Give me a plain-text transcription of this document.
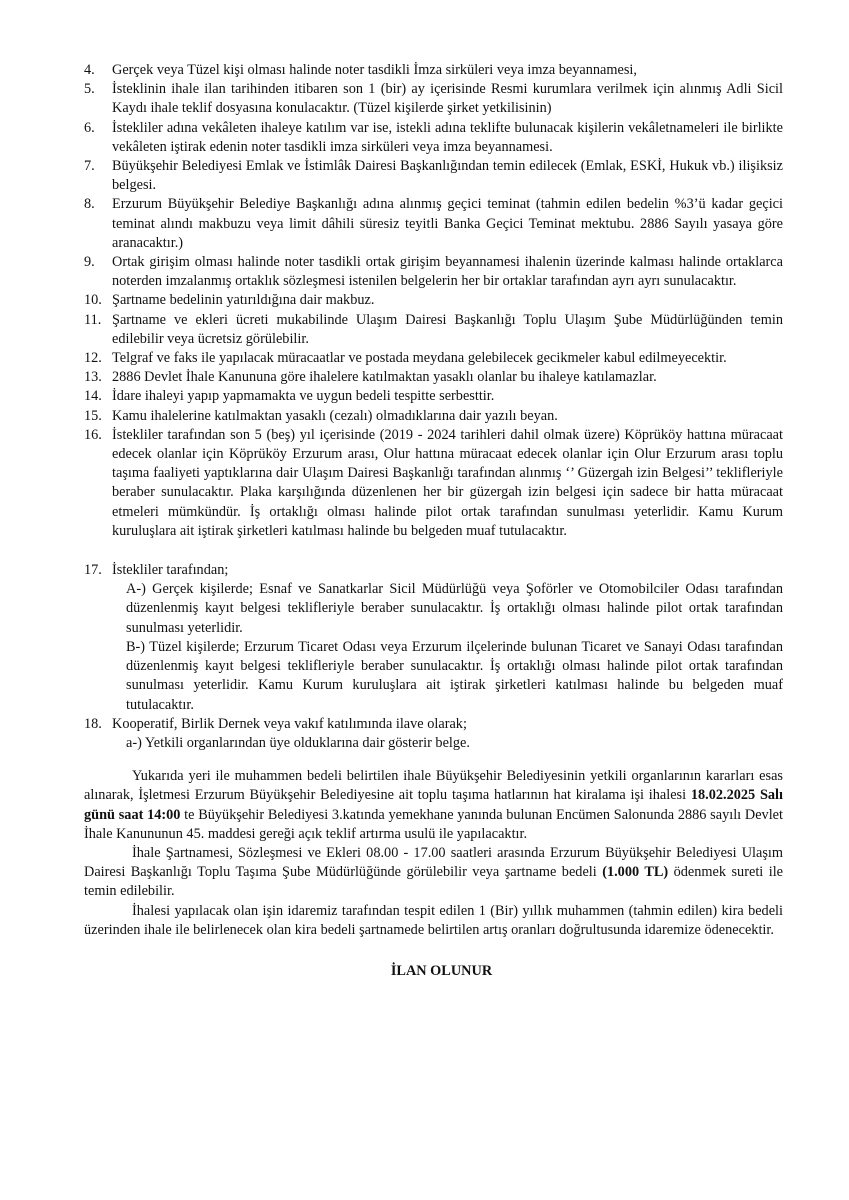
4. Gerçek veya Tüzel kişi olması halinde noter tasdikli İmza sirküleri veya imza beyannamesi,
5. İsteklinin ihale ilan tarihinden itibaren son 1 (bir) ay içerisinde Resmi kurumlara verilmek için alınmış Adli Sicil Kaydı ihale teklif dosyasına konulacaktır. (Tüzel kişilerde şirket yetkilisinin)
6. İstekliler adına vekâleten ihaleye katılım var ise, istekli adına teklifte bulunacak kişilerin vekâletnameleri ile birlikte vekâleten iştirak edenin noter tasdikli imza sirküleri veya imza beyannamesi.
7. Büyükşehir Belediyesi Emlak ve İstimlâk Dairesi Başkanlığından temin edilecek (Emlak, ESKİ, Hukuk vb.) ilişiksiz belgesi.
8. Erzurum Büyükşehir Belediye Başkanlığı adına alınmış geçici teminat (tahmin edilen bedelin %3’ü kadar geçici teminat alındı makbuzu veya limit dâhili süresiz teyitli Banka Geçici Teminat mektubu. 2886 Sayılı yasaya göre aranacaktır.)
9. Ortak girişim olması halinde noter tasdikli ortak girişim beyannamesi ihalenin üzerinde kalması halinde ortaklarca noterden imzalanmış ortaklık sözleşmesi istenilen belgelerin her bir ortaklar tarafından ayrı ayrı sunulacaktır.
10. Şartname bedelinin yatırıldığına dair makbuz.
11. Şartname ve ekleri ücreti mukabilinde Ulaşım Dairesi Başkanlığı Toplu Ulaşım Şube Müdürlüğünden temin edilebilir veya ücretsiz görülebilir.
12. Telgraf ve faks ile yapılacak müracaatlar ve postada meydana gelebilecek gecikmeler kabul edilmeyecektir.
13. 2886 Devlet İhale Kanununa göre ihalelere katılmaktan yasaklı olanlar bu ihaleye katılamazlar.
14. İdare ihaleyi yapıp yapmamakta ve uygun bedeli tespitte serbesttir.
15. Kamu ihalelerine katılmaktan yasaklı (cezalı) olmadıklarına dair yazılı beyan.
16. İstekliler tarafından son 5 (beş) yıl içerisinde (2019 - 2024 tarihleri dahil olmak üzere) Köprüköy hattına müracaat edecek olanlar için Köprüköy Erzurum arası, Olur hattına müracaat edecek olanlar için Olur Erzurum arası toplu taşıma faaliyeti yaptıklarına dair Ulaşım Dairesi Başkanlığı tarafından alınmış ‘’ Güzergah izin Belgesi’’ teklifleriyle beraber sunulacaktır. Plaka karşılığında düzenlenen her bir güzergah izin belgesi için sadece bir hatta müracaat etmeleri mümkündür. İş ortaklığı olması halinde pilot ortak tarafından sunulması yeterlidir. Kamu Kurum kuruluşlara ait iştirak şirketleri katılması halinde bu belgeden muaf tutulacaktır.
17. İstekliler tarafından;

A-) Gerçek kişilerde; Esnaf ve Sanatkarlar Sicil Müdürlüğü veya Şoförler ve Otomobilciler Odası tarafından düzenlenmiş kayıt belgesi teklifleriyle beraber sunulacaktır. İş ortaklığı olması halinde pilot ortak tarafından sunulması yeterlidir.

B-) Tüzel kişilerde; Erzurum Ticaret Odası veya Erzurum ilçelerinde bulunan Ticaret ve Sanayi Odası tarafından düzenlenmiş kayıt belgesi teklifleriyle beraber sunulacaktır. İş ortaklığı olması halinde pilot ortak tarafından sunulması yeterlidir. Kamu Kurum kuruluşlara ait iştirak şirketleri katılması halinde bu belgeden muaf tutulacaktır.

18. Kooperatif, Birlik Dernek veya vakıf katılımında ilave olarak;

a-) Yetkili organlarından üye olduklarına dair gösterir belge.

Yukarıda yeri ile muhammen bedeli belirtilen ihale Büyükşehir Belediyesinin yetkili organlarının kararları esas alınarak, İşletmesi Erzurum Büyükşehir Belediyesine ait toplu taşıma hatlarının hat kiralama işi ihalesi 18.02.2025 Salı günü saat 14:00 te Büyükşehir Belediyesi 3.katında yemekhane yanında bulunan Encümen Salonunda 2886 sayılı Devlet İhale Kanununun 45. maddesi gereği açık teklif artırma usulü ile yapılacaktır.

İhale Şartnamesi, Sözleşmesi ve Ekleri 08.00 - 17.00 saatleri arasında Erzurum Büyükşehir Belediyesi Ulaşım Dairesi Başkanlığı Toplu Taşıma Şube Müdürlüğünde görülebilir veya şartname bedeli (1.000 TL) ödenmek sureti ile temin edilebilir.

İhalesi yapılacak olan işin idaremiz tarafından tespit edilen 1 (Bir) yıllık muhammen (tahmin edilen) kira bedeli üzerinden ihale ile belirlenecek olan kira bedeli şartnamede belirtilen artış oranları doğrultusunda idaremize ödenecektir.

İLAN OLUNUR
